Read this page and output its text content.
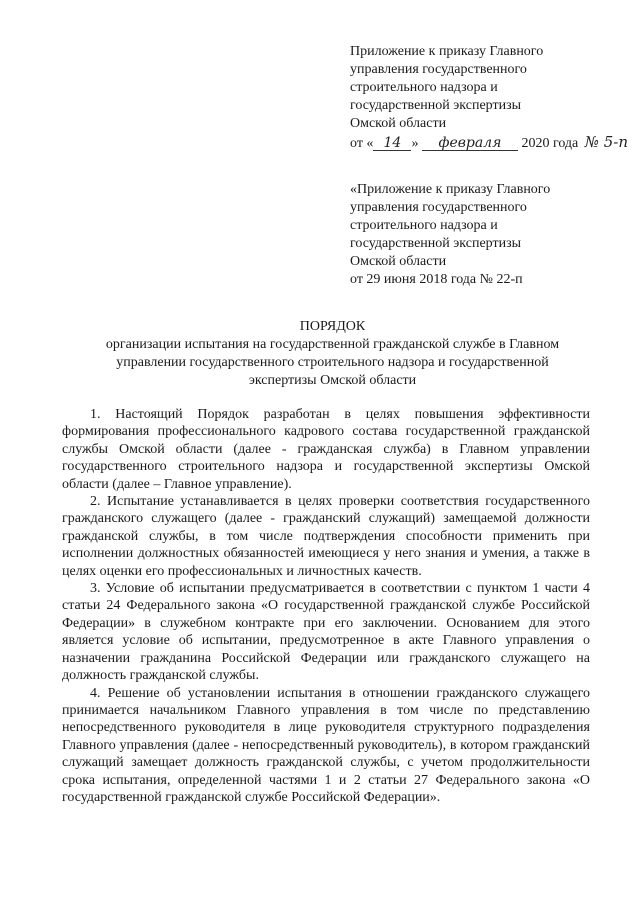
Приложение к приказу Главного
управления государственного
строительного надзора и
государственной экспертизы
Омской области
от « 14 » февраля 2020 года № 5-п
«Приложение к приказу Главного
управления государственного
строительного надзора и
государственной экспертизы
Омской области
от 29 июня 2018 года № 22-п
ПОРЯДОК
организации испытания на государственной гражданской службе в Главном
управлении государственного строительного надзора и государственной
экспертизы Омской области

1. Настоящий Порядок разработан в целях повышения эффективности формирования профессионального кадрового состава государственной гражданской службы Омской области (далее - гражданская служба) в Главном управлении государственного строительного надзора и государственной экспертизы Омской области (далее – Главное управление).

2. Испытание устанавливается в целях проверки соответствия государственного гражданского служащего (далее - гражданский служащий) замещаемой должности гражданской службы, в том числе подтверждения способности применить при исполнении должностных обязанностей имеющиеся у него знания и умения, а также в целях оценки его профессиональных и личностных качеств.

3. Условие об испытании предусматривается в соответствии с пунктом 1 части 4 статьи 24 Федерального закона «О государственной гражданской службе Российской Федерации» в служебном контракте при его заключении. Основанием для этого является условие об испытании, предусмотренное в акте Главного управления о назначении гражданина Российской Федерации или гражданского служащего на должность гражданской службы.

4. Решение об установлении испытания в отношении гражданского служащего принимается начальником Главного управления в том числе по представлению непосредственного руководителя в лице руководителя структурного подразделения Главного управления (далее - непосредственный руководитель), в котором гражданский служащий замещает должность гражданской службы, с учетом продолжительности срока испытания, определенной частями 1 и 2 статьи 27 Федерального закона «О государственной гражданской службе Российской Федерации».
